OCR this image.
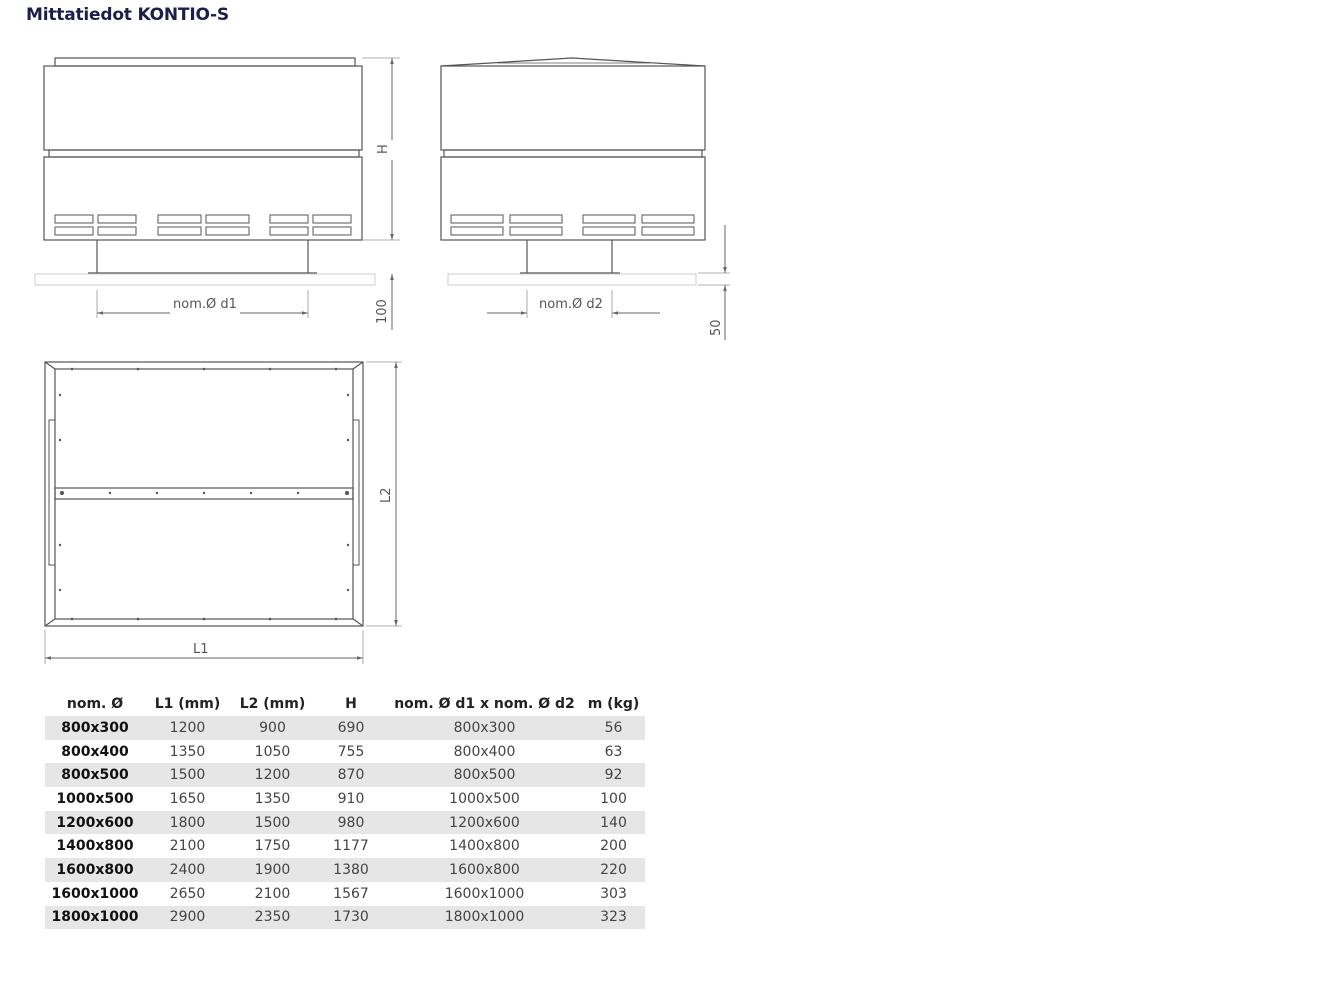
Mittatiedot KONTIO-S
nom.Ø d1
H
100	nom.Ø d2
50
L1
L2
nom. Ø	L1 (mm)	L2 (mm)	H	nom. Ø d1 x nom. Ø d2	m (kg)
800x300	1200	900	690	800x300	56
800x400	1350	1050	755	800x400	63
800x500	1500	1200	870	800x500	92
1000x500	1650	1350	910	1000x500	100
1200x600	1800	1500	980	1200x600	140
1400x800	2100	1750	1177	1400x800	200
1600x800	2400	1900	1380	1600x800	220
1600x1000	2650	2100	1567	1600x1000	303
1800x1000	2900	2350	1730	1800x1000	323
